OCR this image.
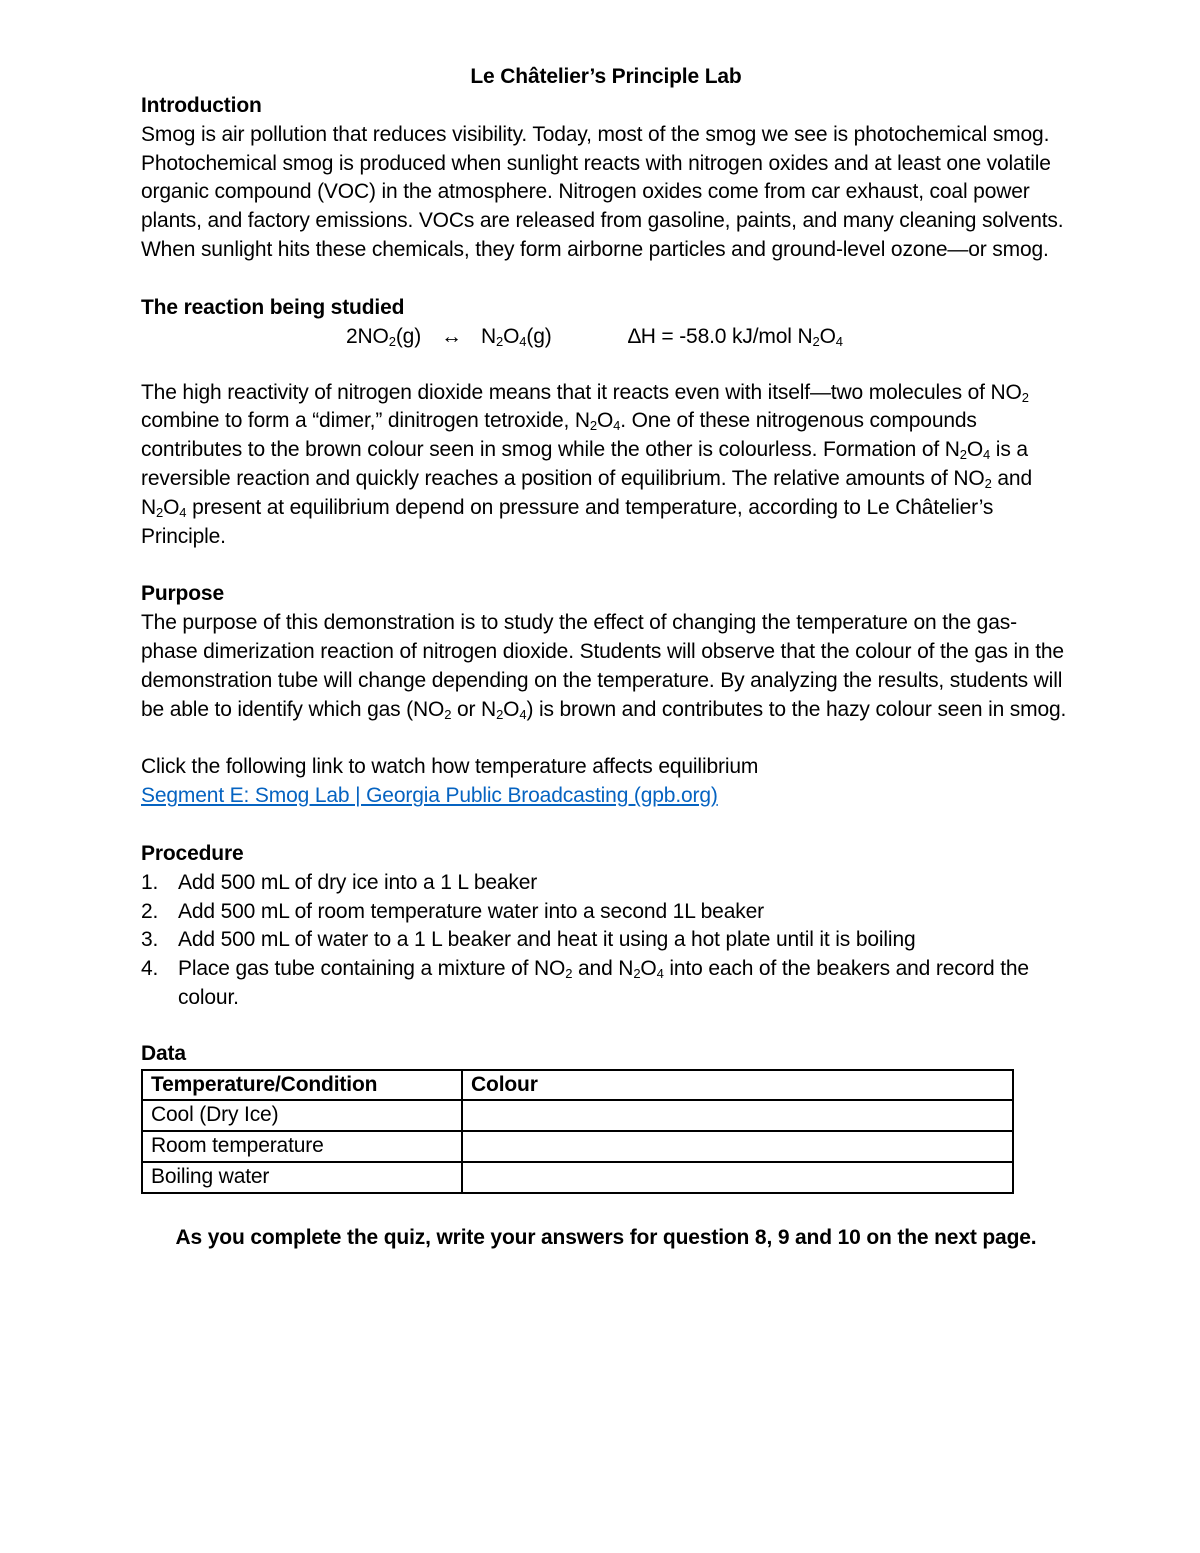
Le Châtelier’s Principle Lab

Introduction

Smog is air pollution that reduces visibility. Today, most of the smog we see is photochemical smog. Photochemical smog is produced when sunlight reacts with nitrogen oxides and at least one volatile organic compound (VOC) in the atmosphere. Nitrogen oxides come from car exhaust, coal power plants, and factory emissions. VOCs are released from gasoline, paints, and many cleaning solvents. When sunlight hits these chemicals, they form airborne particles and ground-level ozone—or smog.

The reaction being studied

$2NO_2(g)$ ↔ $N_2O_4(g)$	∆H = -58.0 kJ/mol $N_2O_4$

The high reactivity of nitrogen dioxide means that it reacts even with itself—two molecules of $NO_2$ combine to form a “dimer,” dinitrogen tetroxide, $N_2O_4$. One of these nitrogenous compounds contributes to the brown colour seen in smog while the other is colourless. Formation of $N_2O_4$ is a reversible reaction and quickly reaches a position of equilibrium. The relative amounts of $NO_2$ and $N_2O_4$ present at equilibrium depend on pressure and temperature, according to Le Châtelier’s Principle.

Purpose

The purpose of this demonstration is to study the effect of changing the temperature on the gas-phase dimerization reaction of nitrogen dioxide. Students will observe that the colour of the gas in the demonstration tube will change depending on the temperature. By analyzing the results, students will be able to identify which gas ($NO_2$ or $N_2O_4$) is brown and contributes to the hazy colour seen in smog.

Click the following link to watch how temperature affects equilibrium

Segment E: Smog Lab | Georgia Public Broadcasting (gpb.org)

Procedure

1. Add 500 mL of dry ice into a 1 L beaker
2. Add 500 mL of room temperature water into a second 1L beaker
3. Add 500 mL of water to a 1 L beaker and heat it using a hot plate until it is boiling
4. Place gas tube containing a mixture of $NO_2$ and $N_2O_4$ into each of the beakers and record the colour.

Data

Temperature/Condition	Colour
Cool (Dry Ice)	
Room temperature	
Boiling water	

As you complete the quiz, write your answers for question 8, 9 and 10 on the next page.
